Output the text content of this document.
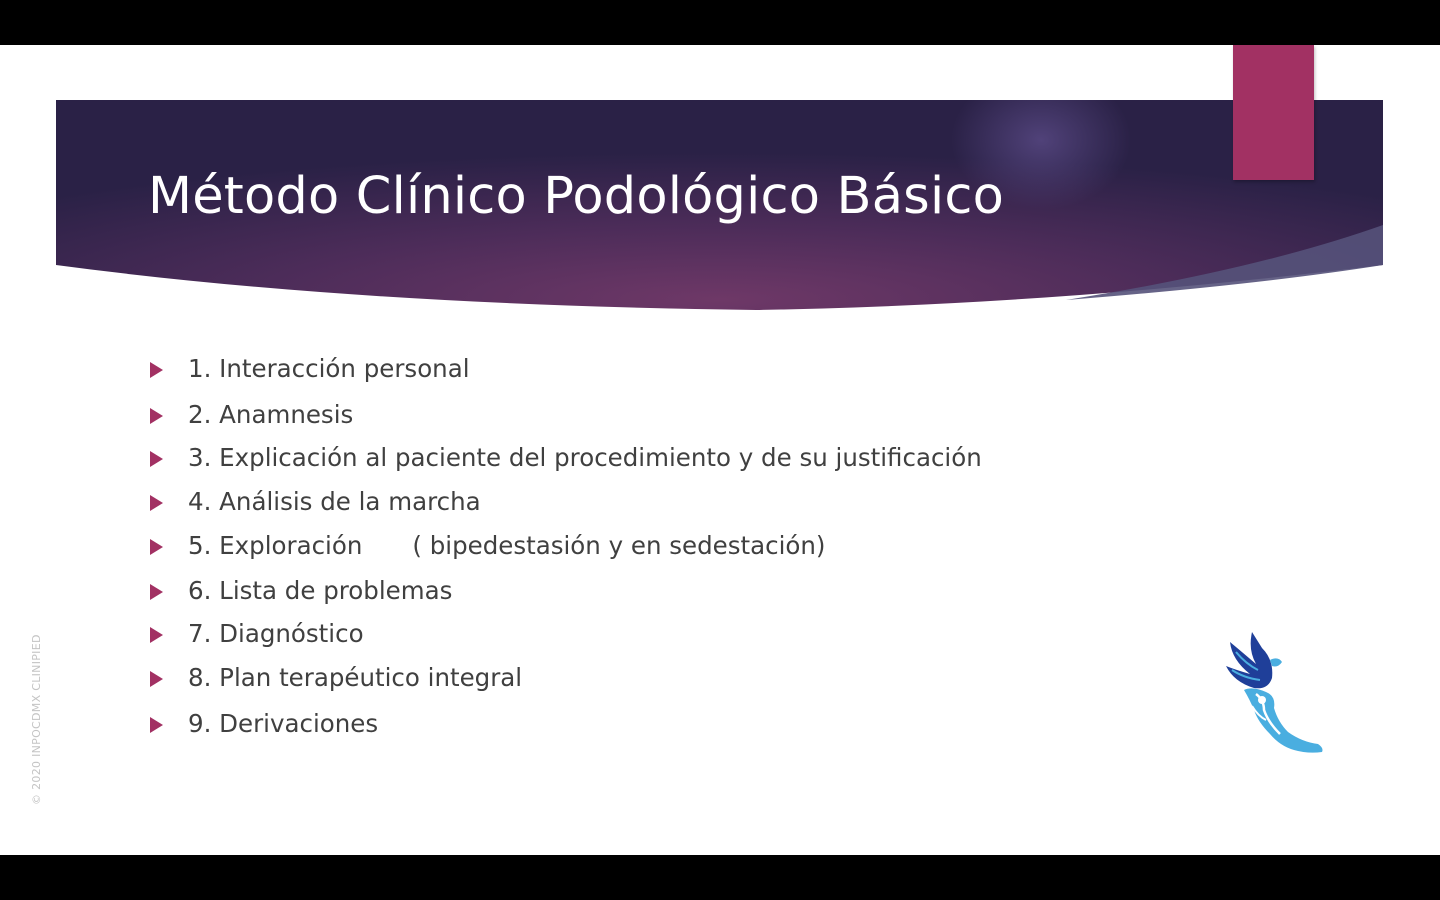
Método Clínico Podológico Básico
1. Interacción personal
2. Anamnesis
3. Explicación al paciente del procedimiento y de su justificación
4. Análisis de la marcha
5. Exploración ( bipedestasión y en sedestación)
6. Lista de problemas
7. Diagnóstico
8. Plan terapéutico integral
9. Derivaciones
© 2020 INPOCDMX CLINIPIED
